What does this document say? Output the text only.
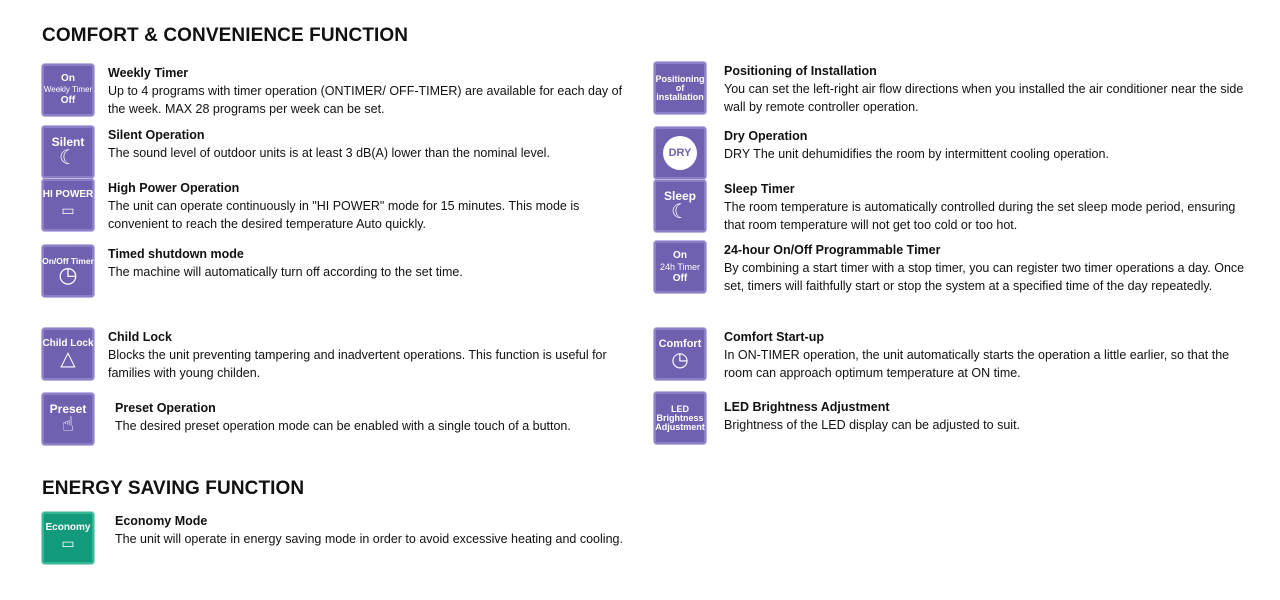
COMFORT & CONVENIENCE FUNCTION
On
Weekly Timer
Off
Weekly Timer
Up to 4 programs with timer operation (ONTIMER/ OFF-TIMER) are available for each day of the week. MAX 28 programs per week can be set.
Silent
☾
Silent Operation
The sound level of outdoor units is at least 3 dB(A) lower than the nominal level.
HI POWER
▭
High Power Operation
The unit can operate continuously in "HI POWER" mode for 15 minutes. This mode is convenient to reach the desired temperature Auto quickly.
On/Off Timer
◷
Timed shutdown mode
The machine will automatically turn off according to the set time.
Child Lock
△
Child Lock
Blocks the unit preventing tampering and inadvertent operations. This function is useful for families with young childen.
Preset
☝
Preset Operation
The desired preset operation mode can be enabled with a single touch of a button.
Positioning of installation
Positioning of Installation
You can set the left-right air flow directions when you installed the air conditioner near the side wall by remote controller operation.
DRY
Dry Operation
DRY The unit dehumidifies the room by intermittent cooling operation.
Sleep
☾
Sleep Timer
The room temperature is automatically controlled during the set sleep mode period, ensuring that room temperature will not get too cold or too hot.
On
24h Timer
Off
24-hour On/Off Programmable Timer
By combining a start timer with a stop timer, you can register two timer operations a day. Once set, timers will faithfully start or stop the system at a specified time of the day repeatedly.
Comfort
◷
Comfort Start-up
In ON-TIMER operation, the unit automatically starts the operation a little earlier, so that the room can approach optimum temperature at ON time.
LED Brightness Adjustment
LED Brightness Adjustment
Brightness of the LED display can be adjusted to suit.
ENERGY SAVING FUNCTION
Economy
▭
Economy Mode
The unit will operate in energy saving mode in order to avoid excessive heating and cooling.
